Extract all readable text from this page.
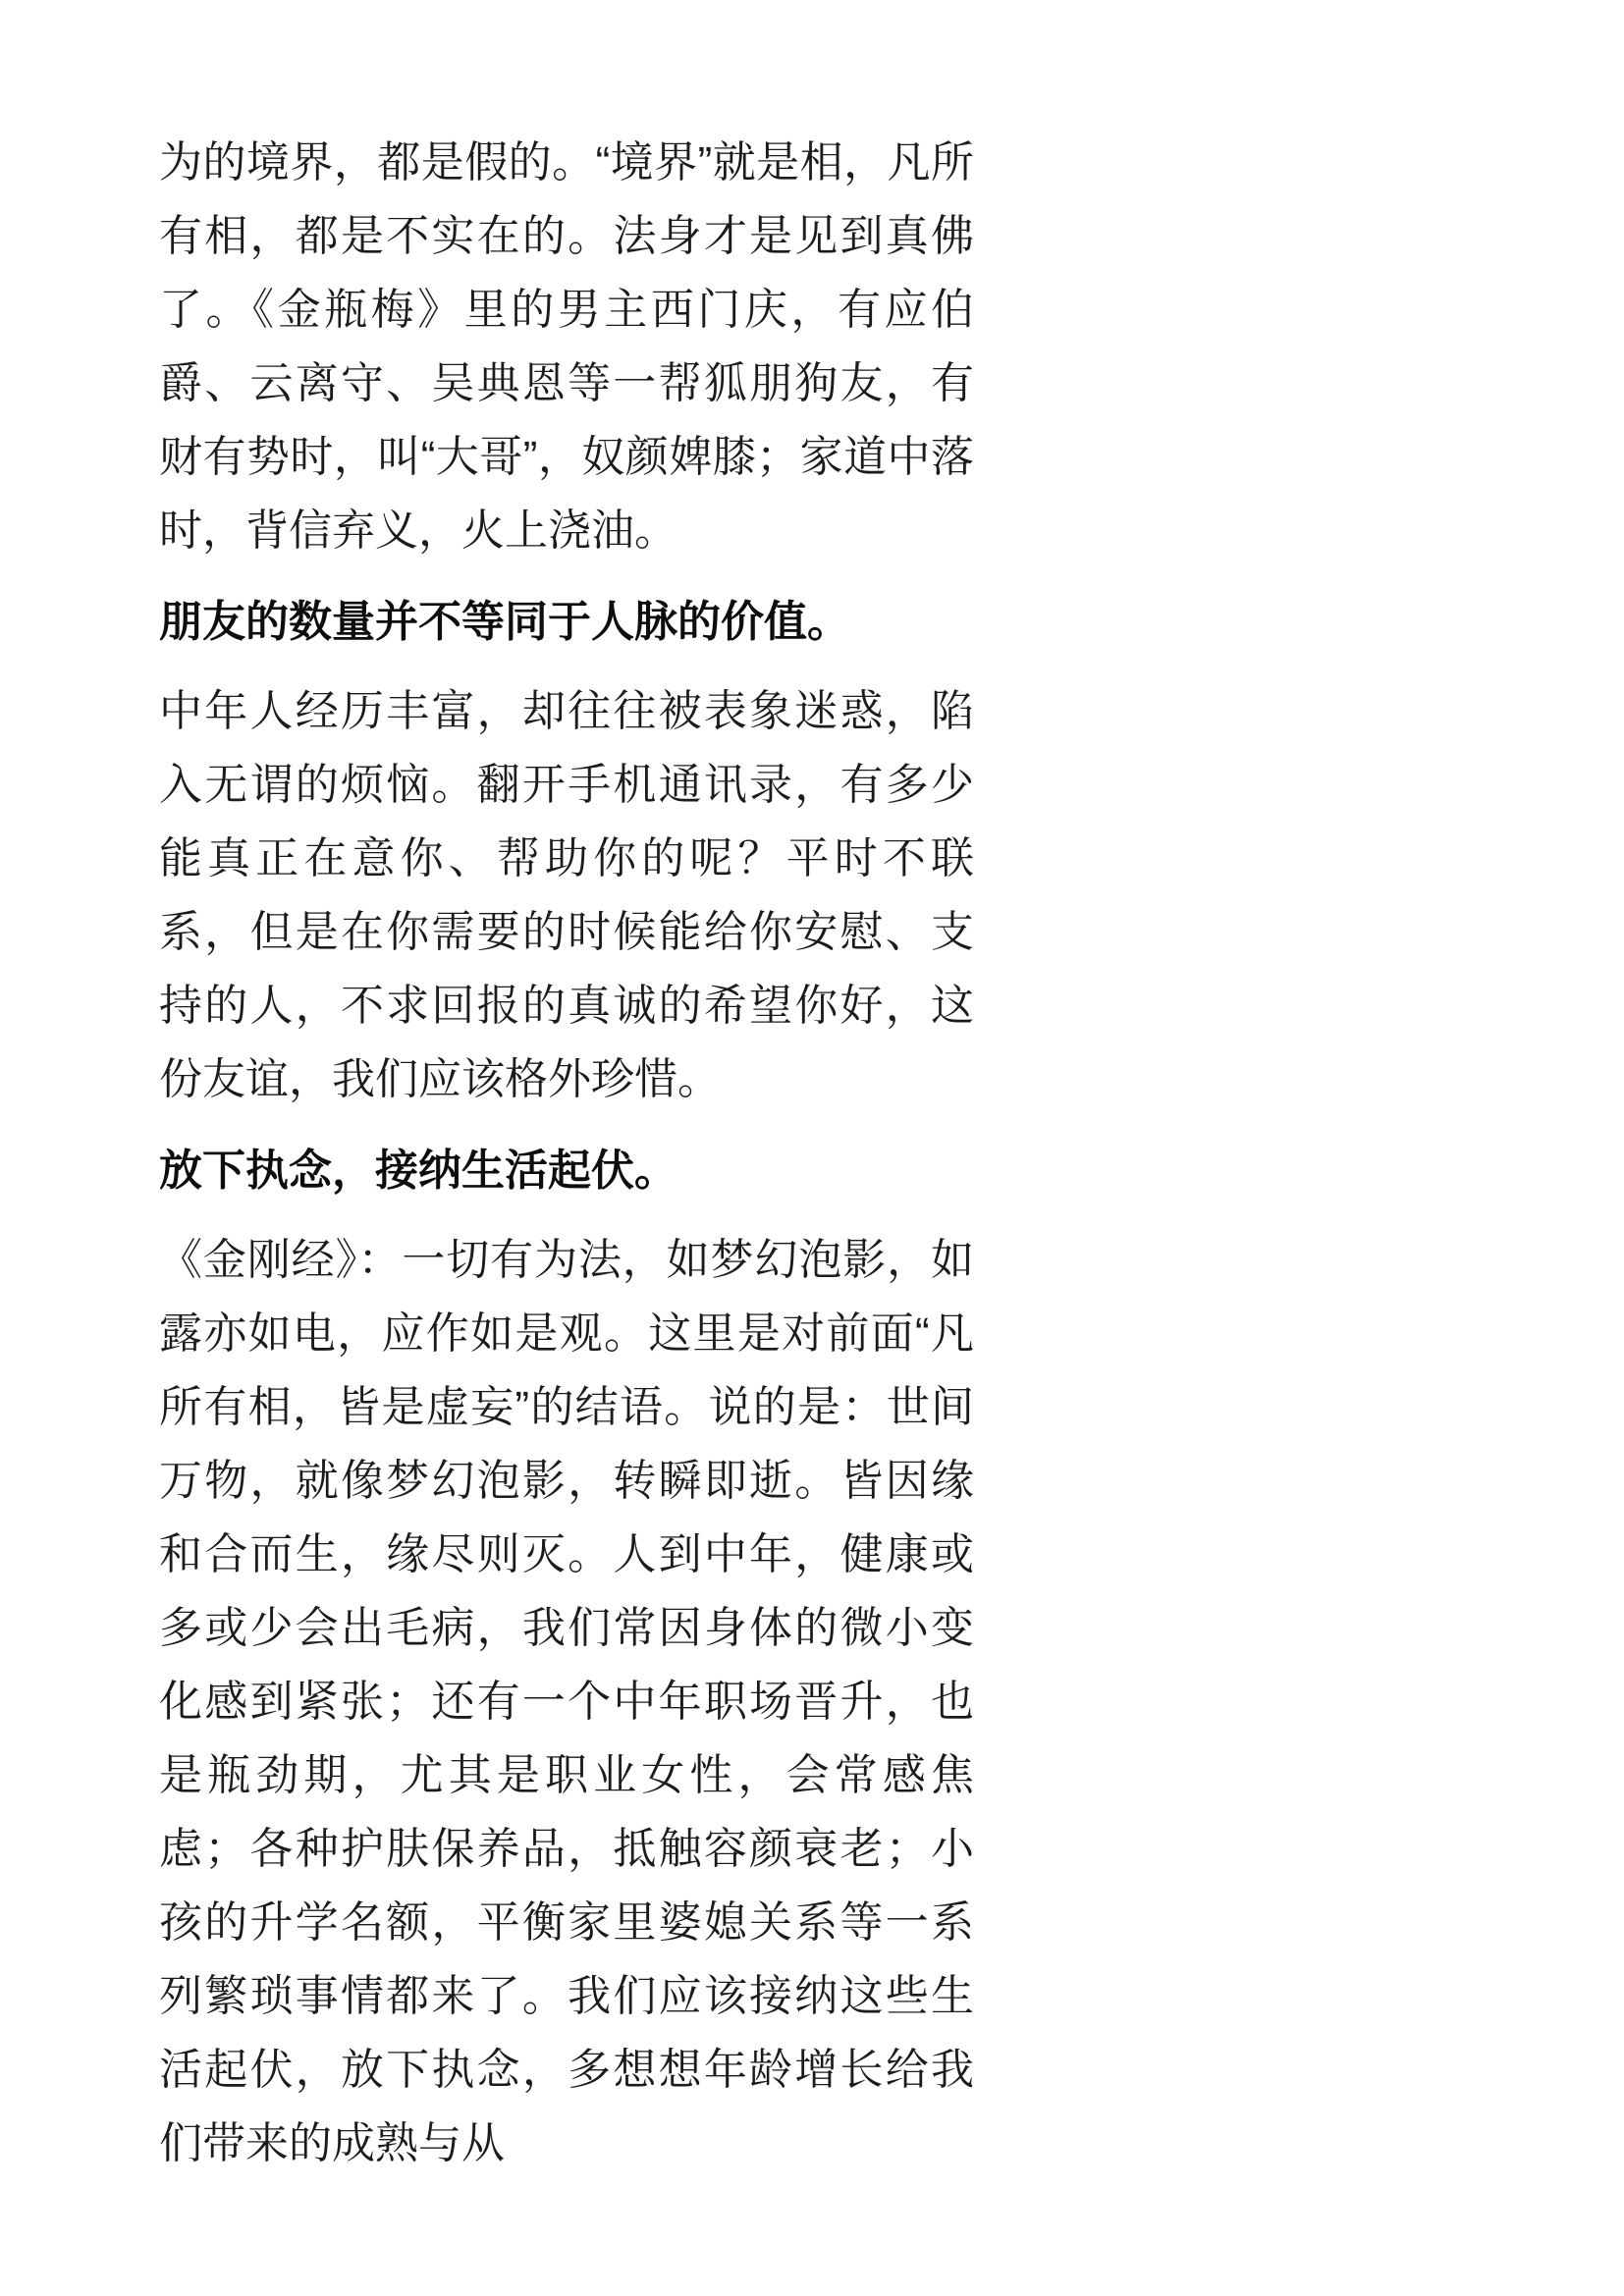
为的境界，都是假的。“境界”就是相，凡所有相，都是不实在的。法身才是见到真佛了。《金瓶梅》里的男主西门庆，有应伯爵、云离守、吴典恩等一帮狐朋狗友，有财有势时，叫“大哥”，奴颜婢膝；家道中落时，背信弃义，火上浇油。

朋友的数量并不等同于人脉的价值。

中年人经历丰富，却往往被表象迷惑，陷入无谓的烦恼。翻开手机通讯录，有多少能真正在意你、帮助你的呢？平时不联系，但是在你需要的时候能给你安慰、支持的人，不求回报的真诚的希望你好，这份友谊，我们应该格外珍惜。

放下执念，接纳生活起伏。

《金刚经》：一切有为法，如梦幻泡影，如露亦如电，应作如是观。这里是对前面“凡所有相，皆是虚妄”的结语。说的是：世间万物，就像梦幻泡影，转瞬即逝。皆因缘和合而生，缘尽则灭。人到中年，健康或多或少会出毛病，我们常因身体的微小变化感到紧张；还有一个中年职场晋升，也是瓶劲期，尤其是职业女性，会常感焦虑；各种护肤保养品，抵触容颜衰老；小孩的升学名额，平衡家里婆媳关系等一系列繁琐事情都来了。我们应该接纳这些生活起伏，放下执念，多想想年龄增长给我们带来的成熟与从
